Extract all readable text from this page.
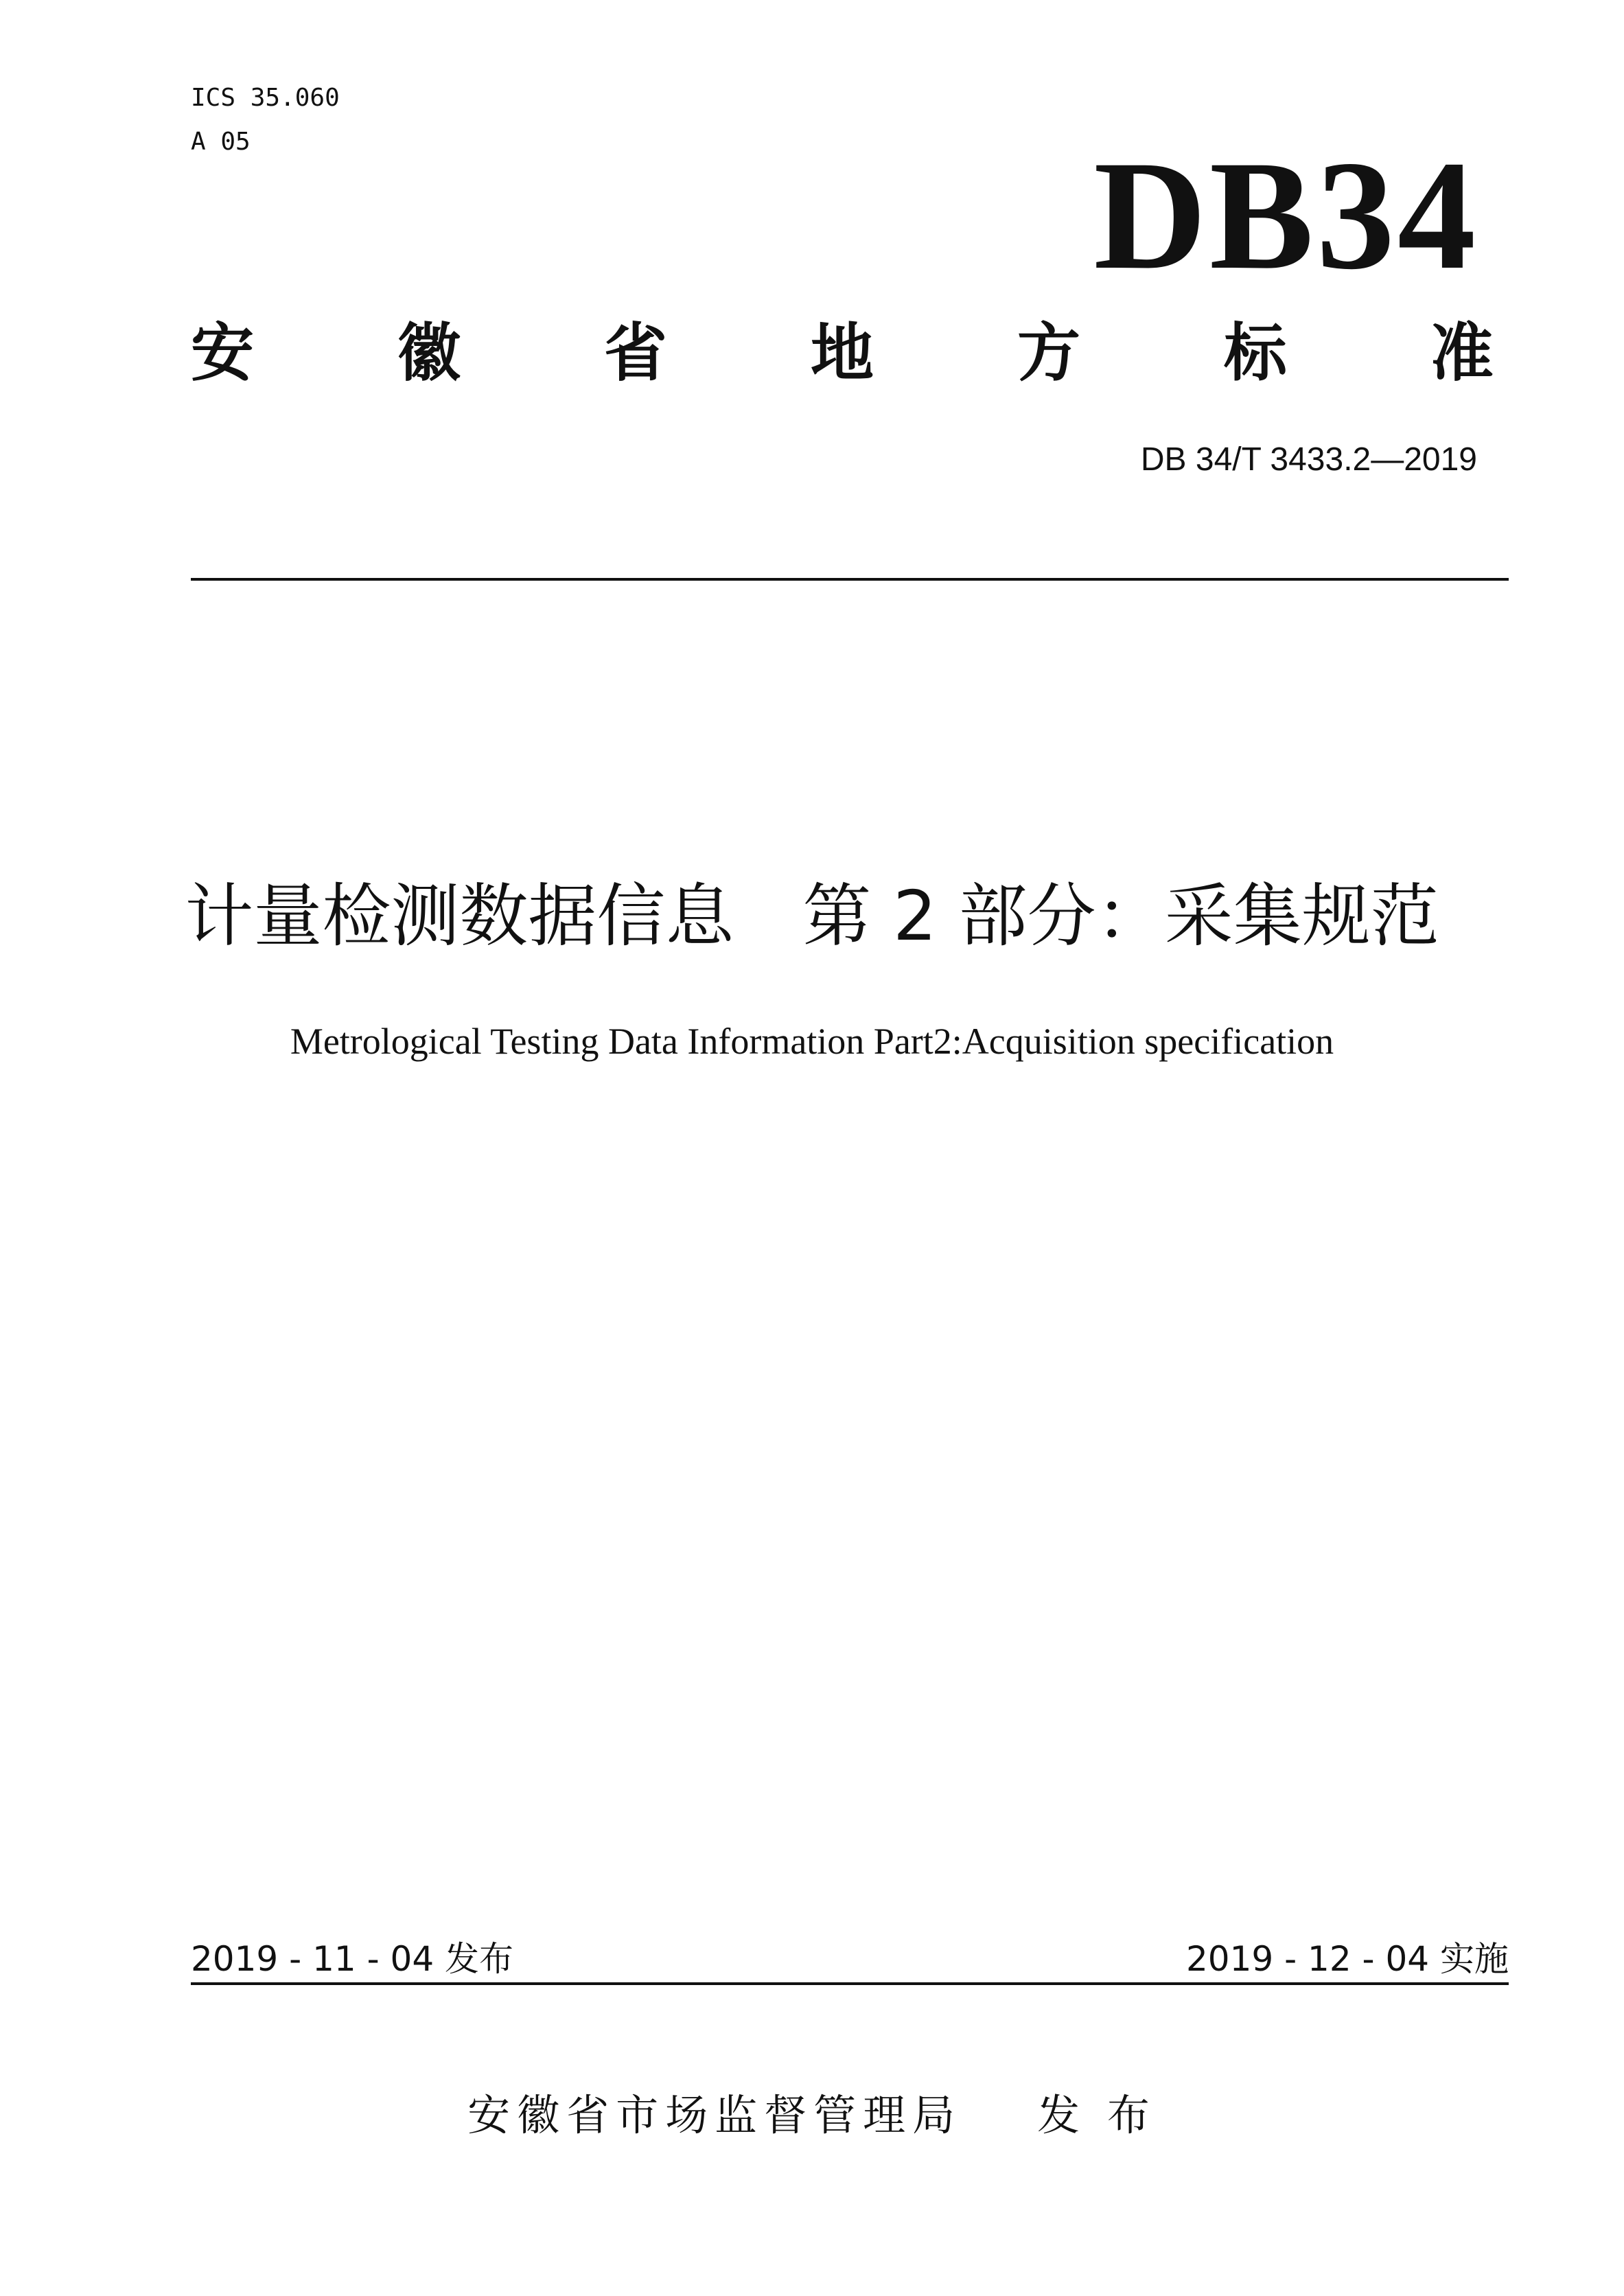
ICS 35.060
A 05	DB34
安 徽 省 地 方 标 准
DB 34/T 3433.2—2019
计量检测数据信息　第 2 部分：采集规范
Metrological Testing Data Information Part2:Acquisition specification
2019 - 11 - 04 发布	2019 - 12 - 04 实施
安徽省市场监督管理局 发 布
